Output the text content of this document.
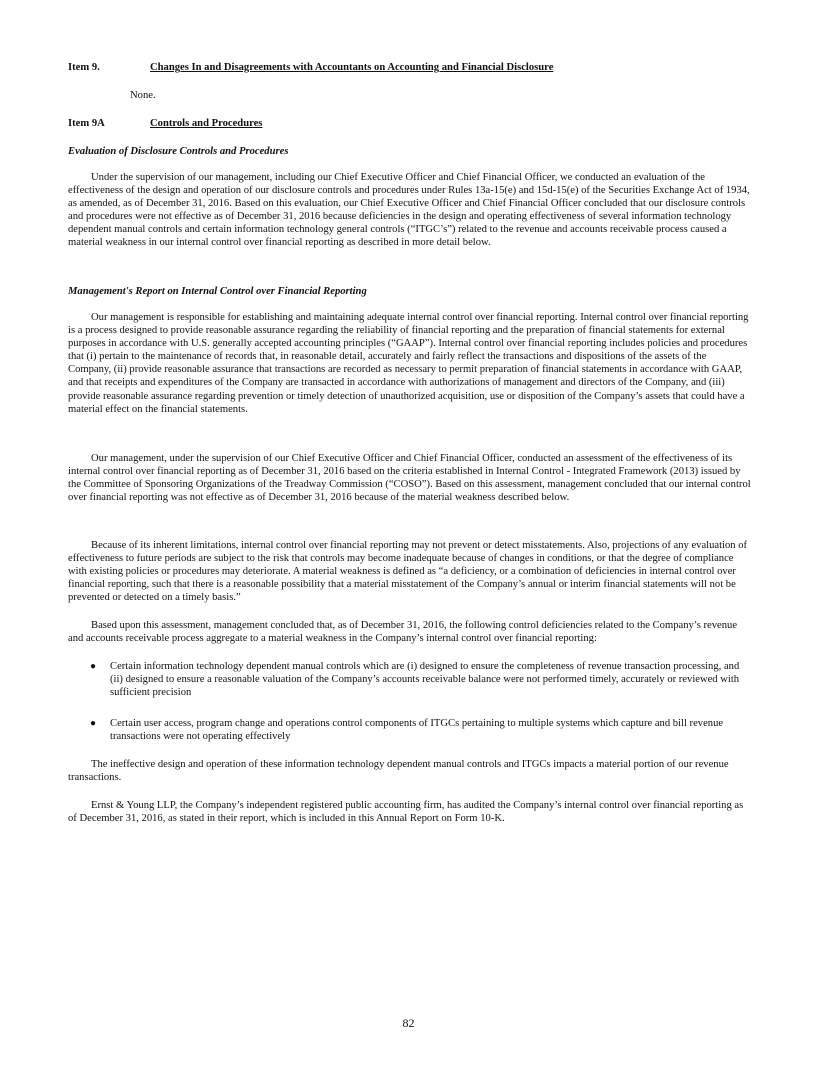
Item 9.	Changes In and Disagreements with Accountants on Accounting and Financial Disclosure
None.
Item 9A	Controls and Procedures
Evaluation of Disclosure Controls and Procedures

Under the supervision of our management, including our Chief Executive Officer and Chief Financial Officer, we conducted an evaluation of the effectiveness of the design and operation of our disclosure controls and procedures under Rules 13a-15(e) and 15d-15(e) of the Securities Exchange Act of 1934, as amended, as of December 31, 2016. Based on this evaluation, our Chief Executive Officer and Chief Financial Officer concluded that our disclosure controls and procedures were not effective as of December 31, 2016 because deficiencies in the design and operating effectiveness of several information technology dependent manual controls and certain information technology general controls (“ITGC’s”) related to the revenue and accounts receivable process caused a material weakness in our internal control over financial reporting as described in more detail below.

Management's Report on Internal Control over Financial Reporting

Our management is responsible for establishing and maintaining adequate internal control over financial reporting. Internal control over financial reporting is a process designed to provide reasonable assurance regarding the reliability of financial reporting and the preparation of financial statements for external purposes in accordance with U.S. generally accepted accounting principles (“GAAP”). Internal control over financial reporting includes policies and procedures that (i) pertain to the maintenance of records that, in reasonable detail, accurately and fairly reflect the transactions and dispositions of the assets of the Company, (ii) provide reasonable assurance that transactions are recorded as necessary to permit preparation of financial statements in accordance with GAAP, and that receipts and expenditures of the Company are transacted in accordance with authorizations of management and directors of the Company, and (iii) provide reasonable assurance regarding prevention or timely detection of unauthorized acquisition, use or disposition of the Company’s assets that could have a material effect on the financial statements.

Our management, under the supervision of our Chief Executive Officer and Chief Financial Officer, conducted an assessment of the effectiveness of its internal control over financial reporting as of December 31, 2016 based on the criteria established in Internal Control - Integrated Framework (2013) issued by the Committee of Sponsoring Organizations of the Treadway Commission (“COSO”). Based on this assessment, management concluded that our internal control over financial reporting was not effective as of December 31, 2016 because of the material weakness described below.

Because of its inherent limitations, internal control over financial reporting may not prevent or detect misstatements. Also, projections of any evaluation of effectiveness to future periods are subject to the risk that controls may become inadequate because of changes in conditions, or that the degree of compliance with existing policies or procedures may deteriorate. A material weakness is defined as “a deficiency, or a combination of deficiencies in internal control over financial reporting, such that there is a reasonable possibility that a material misstatement of the Company’s annual or interim financial statements will not be prevented or detected on a timely basis.”

Based upon this assessment, management concluded that, as of December 31, 2016, the following control deficiencies related to the Company’s revenue and accounts receivable process aggregate to a material weakness in the Company’s internal control over financial reporting:

●	Certain information technology dependent manual controls which are (i) designed to ensure the completeness of revenue transaction processing, and (ii) designed to ensure a reasonable valuation of the Company’s accounts receivable balance were not performed timely, accurately or reviewed with sufficient precision
●	Certain user access, program change and operations control components of ITGCs pertaining to multiple systems which capture and bill revenue transactions were not operating effectively

The ineffective design and operation of these information technology dependent manual controls and ITGCs impacts a material portion of our revenue transactions.

Ernst & Young LLP, the Company’s independent registered public accounting firm, has audited the Company’s internal control over financial reporting as of December 31, 2016, as stated in their report, which is included in this Annual Report on Form 10-K.

82
